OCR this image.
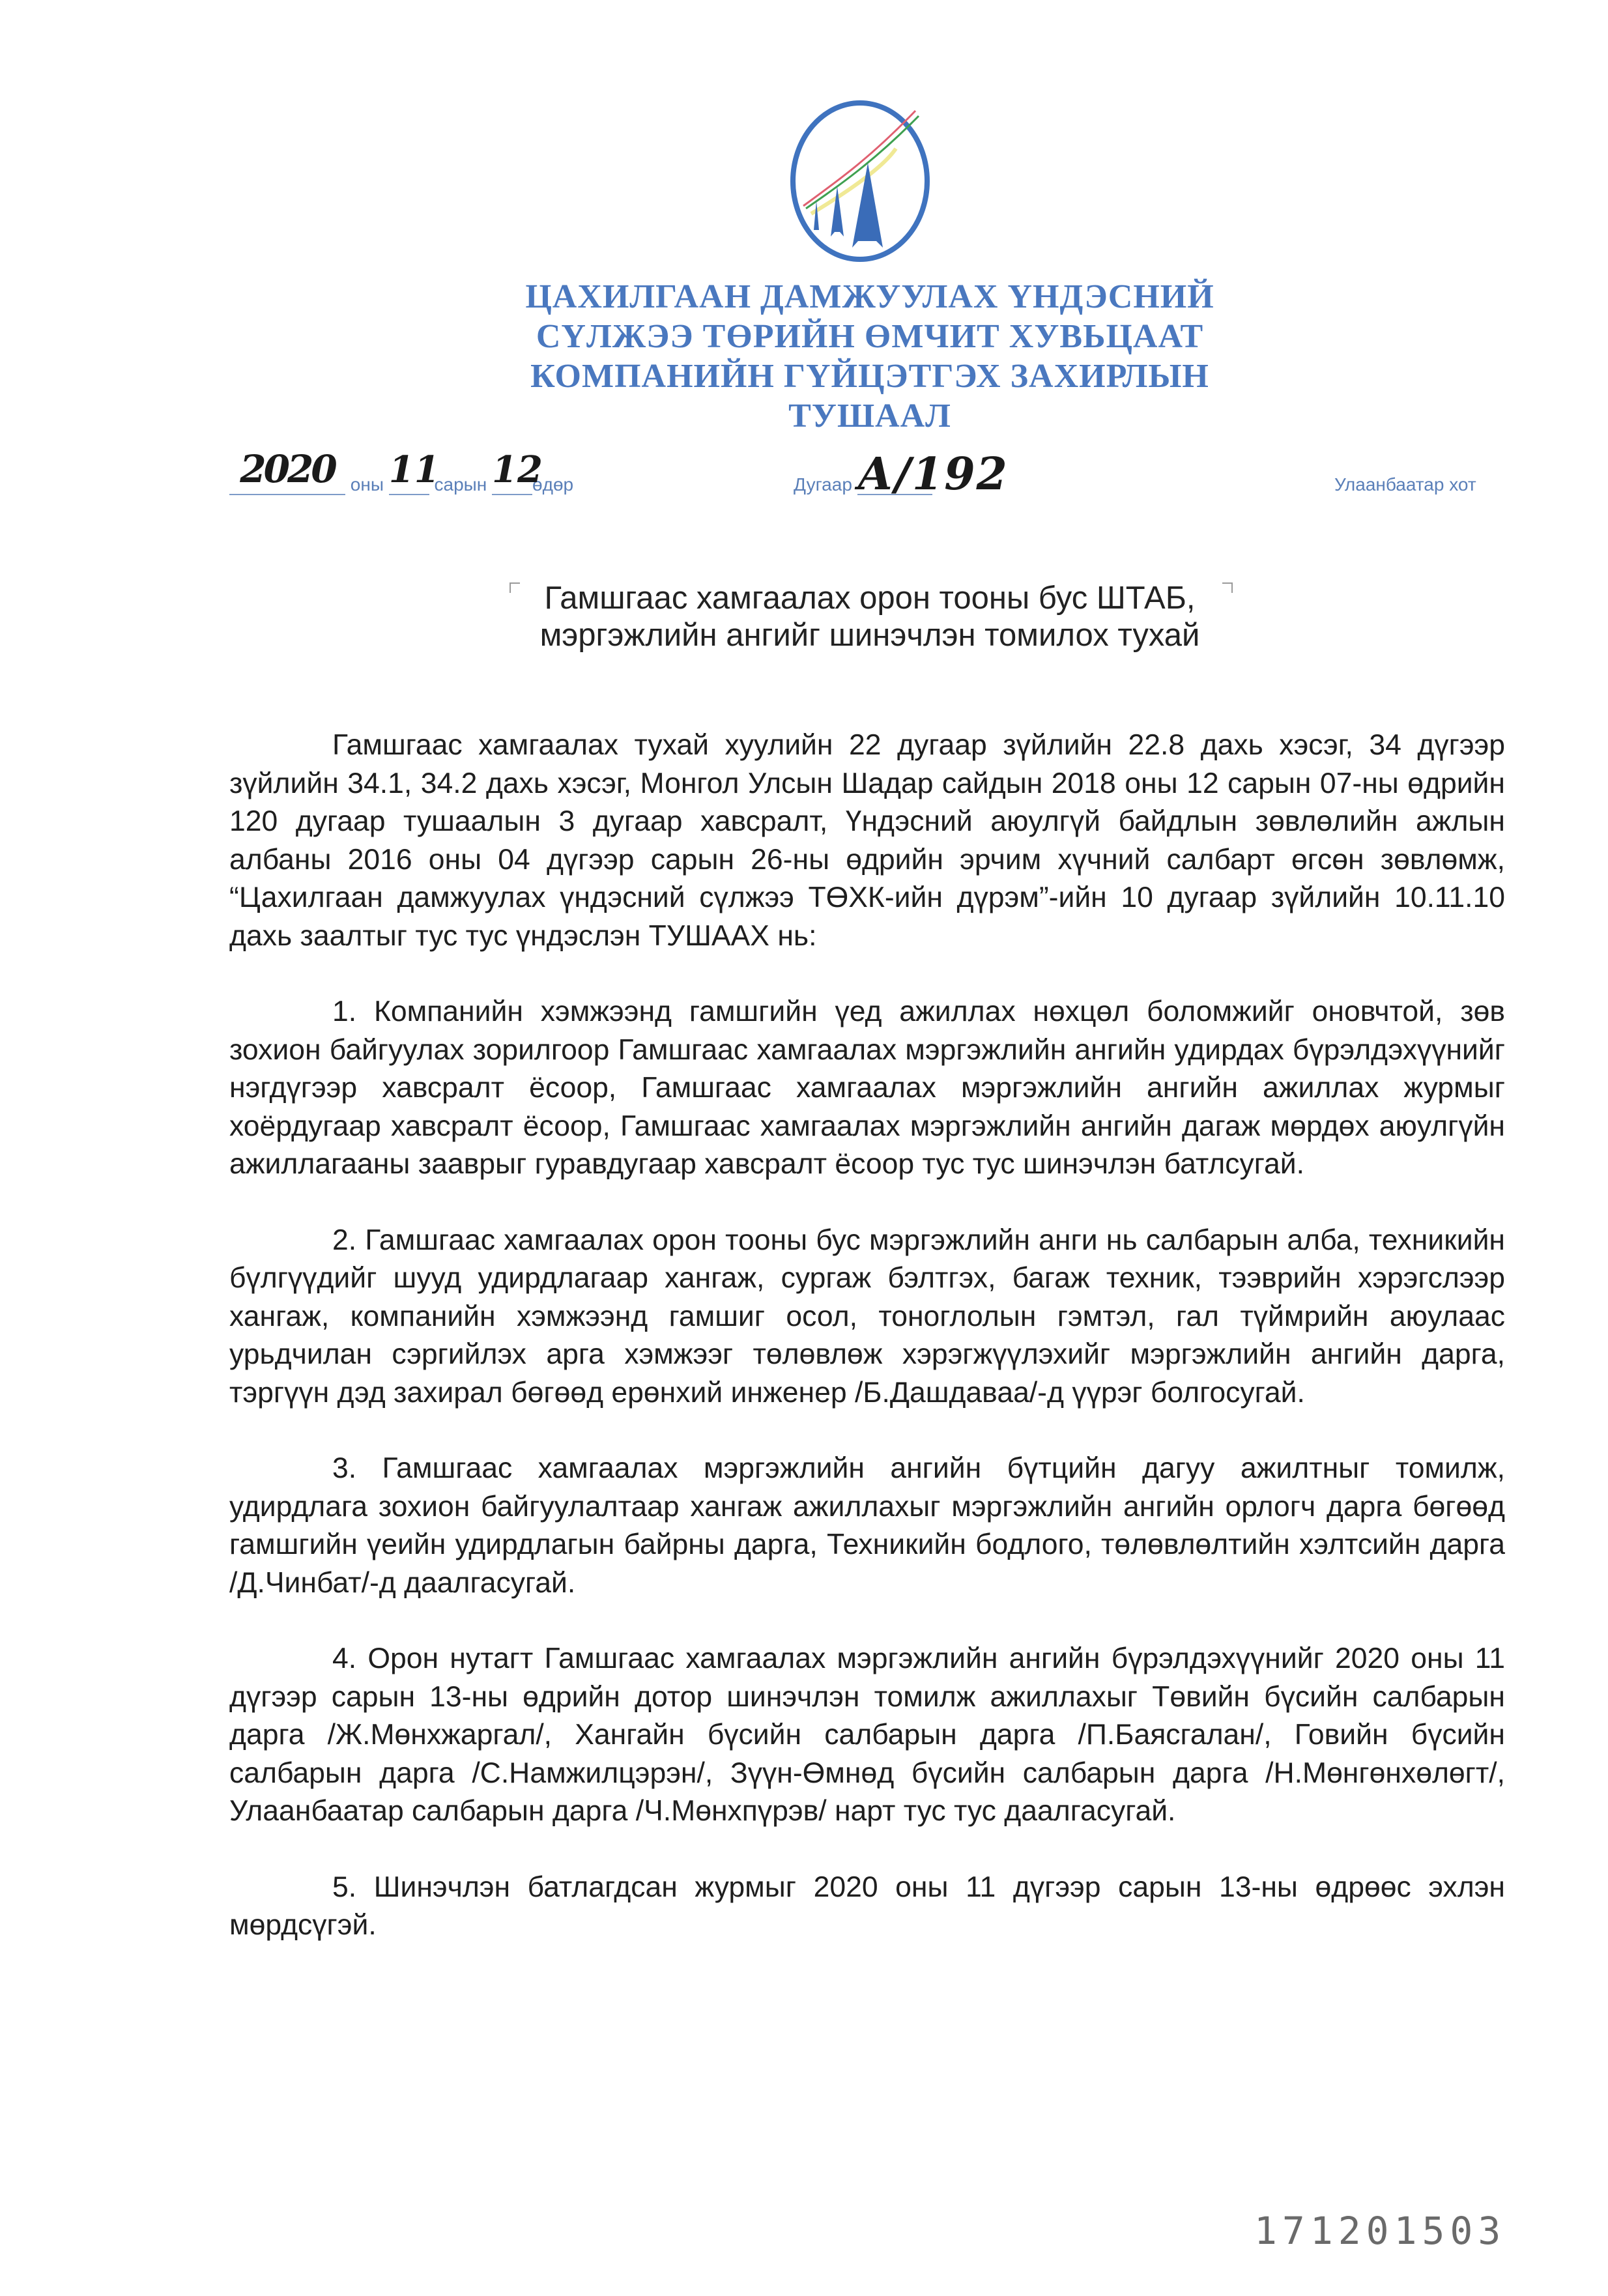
ЦАХИЛГААН ДАМЖУУЛАХ ҮНДЭСНИЙ
СҮЛЖЭЭ ТӨРИЙН ӨМЧИТ ХУВЬЦААТ
КОМПАНИЙН ГҮЙЦЭТГЭХ ЗАХИРЛЫН
ТУШААЛ
2020 оны 11
сарын 12
өдөр	Дугаар А/192	Улаанбаатар хот
Гамшгаас хамгаалах орон тооны бус ШТАБ,
мэргэжлийн ангийг шинэчлэн томилох тухай

Гамшгаас хамгаалах тухай хуулийн 22 дугаар зүйлийн 22.8 дахь хэсэг, 34 дүгээр зүйлийн 34.1, 34.2 дахь хэсэг, Монгол Улсын Шадар сайдын 2018 оны 12 сарын 07-ны өдрийн 120 дугаар тушаалын 3 дугаар хавсралт, Үндэсний аюулгүй байдлын зөвлөлийн ажлын албаны 2016 оны 04 дүгээр сарын 26-ны өдрийн эрчим хүчний салбарт өгсөн зөвлөмж, “Цахилгаан дамжуулах үндэсний сүлжээ ТӨХК-ийн дүрэм”-ийн 10 дугаар зүйлийн 10.11.10 дахь заалтыг тус тус үндэслэн ТУШААХ нь:

1. Компанийн хэмжээнд гамшгийн үед ажиллах нөхцөл боломжийг оновчтой, зөв зохион байгуулах зорилгоор Гамшгаас хамгаалах мэргэжлийн ангийн удирдах бүрэлдэхүүнийг нэгдүгээр хавсралт ёсоор, Гамшгаас хамгаалах мэргэжлийн ангийн ажиллах журмыг хоёрдугаар хавсралт ёсоор, Гамшгаас хамгаалах мэргэжлийн ангийн дагаж мөрдөх аюулгүйн ажиллагааны зааврыг гуравдугаар хавсралт ёсоор тус тус шинэчлэн батлсугай.

2. Гамшгаас хамгаалах орон тооны бус мэргэжлийн анги нь салбарын алба, техникийн бүлгүүдийг шууд удирдлагаар хангаж, сургаж бэлтгэх, багаж техник, тээврийн хэрэгслээр хангаж, компанийн хэмжээнд гамшиг осол, тоноглолын гэмтэл, гал түймрийн аюулаас урьдчилан сэргийлэх арга хэмжээг төлөвлөж хэрэгжүүлэхийг мэргэжлийн ангийн дарга, тэргүүн дэд захирал бөгөөд ерөнхий инженер /Б.Дашдаваа/-д үүрэг болгосугай.

3. Гамшгаас хамгаалах мэргэжлийн ангийн бүтцийн дагуу ажилтныг томилж, удирдлага зохион байгуулалтаар хангаж ажиллахыг мэргэжлийн ангийн орлогч дарга бөгөөд гамшгийн үеийн удирдлагын байрны дарга, Техникийн бодлого, төлөвлөлтийн хэлтсийн дарга /Д.Чинбат/-д даалгасугай.

4. Орон нутагт Гамшгаас хамгаалах мэргэжлийн ангийн бүрэлдэхүүнийг 2020 оны 11 дүгээр сарын 13-ны өдрийн дотор шинэчлэн томилж ажиллахыг Төвийн бүсийн салбарын дарга /Ж.Мөнхжаргал/, Хангайн бүсийн салбарын дарга /П.Баясгалан/, Говийн бүсийн салбарын дарга /С.Намжилцэрэн/, Зүүн-Өмнөд бүсийн салбарын дарга /Н.Мөнгөнхөлөгт/, Улаанбаатар салбарын дарга /Ч.Мөнхпүрэв/ нарт тус тус даалгасугай.

5. Шинэчлэн батлагдсан журмыг 2020 оны 11 дүгээр сарын 13-ны өдрөөс эхлэн мөрдсүгэй.

171201503
